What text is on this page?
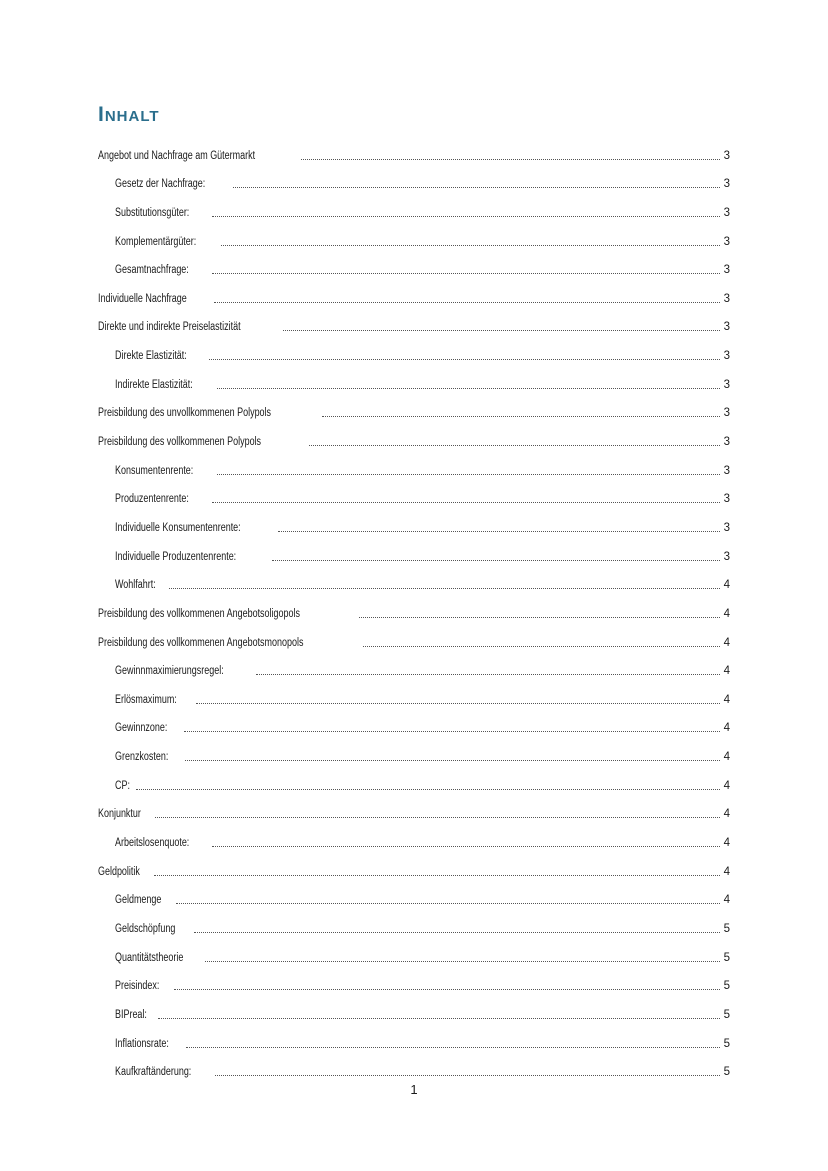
Inhalt
Angebot und Nachfrage am Gütermarkt	3
Gesetz der Nachfrage:	3
Substitutionsgüter:	3
Komplementärgüter:	3
Gesamtnachfrage:	3
Individuelle Nachfrage	3
Direkte und indirekte Preiselastizität	3
Direkte Elastizität:	3
Indirekte Elastizität:	3
Preisbildung des unvollkommenen Polypols	3
Preisbildung des vollkommenen Polypols	3
Konsumentenrente:	3
Produzentenrente:	3
Individuelle Konsumentenrente:	3
Individuelle Produzentenrente:	3
Wohlfahrt:	4
Preisbildung des vollkommenen Angebotsoligopols	4
Preisbildung des vollkommenen Angebotsmonopols	4
Gewinnmaximierungsregel:	4
Erlösmaximum:	4
Gewinnzone:	4
Grenzkosten:	4
CP:	4
Konjunktur	4
Arbeitslosenquote:	4
Geldpolitik	4
Geldmenge	4
Geldschöpfung	5
Quantitätstheorie	5
Preisindex:	5
BIPreal:	5
Inflationsrate:	5
Kaufkraftänderung:	5
1
